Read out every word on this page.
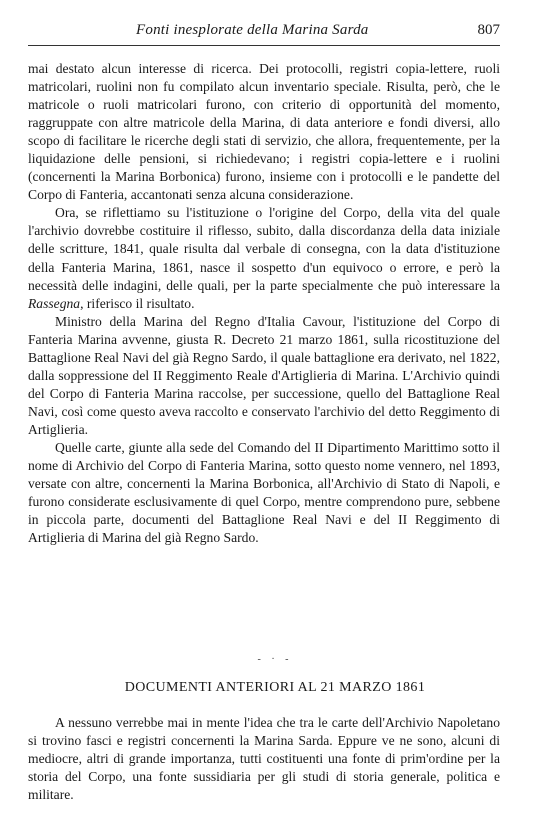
Fonti inesplorate della Marina Sarda	807

mai destato alcun interesse di ricerca. Dei protocolli, registri copia-lettere, ruoli matricolari, ruolini non fu compilato alcun inventario speciale. Risulta, però, che le matricole o ruoli matricolari furono, con criterio di opportunità del momento, raggruppate con altre matricole della Marina, di data anteriore e fondi diversi, allo scopo di facilitare le ricerche degli stati di servizio, che allora, frequentemente, per la liquidazione delle pensioni, si richiedevano; i registri copia-lettere e i ruolini (concernenti la Marina Borbonica) furono, insieme con i protocolli e le pandette del Corpo di Fanteria, accantonati senza alcuna considerazione.

Ora, se riflettiamo su l'istituzione o l'origine del Corpo, della vita del quale l'archivio dovrebbe costituire il riflesso, subito, dalla discordanza della data iniziale delle scritture, 1841, quale risulta dal verbale di consegna, con la data d'istituzione della Fanteria Marina, 1861, nasce il sospetto d'un equivoco o errore, e però la necessità delle indagini, delle quali, per la parte specialmente che può interessare la Rassegna, riferisco il risultato.

Ministro della Marina del Regno d'Italia Cavour, l'istituzione del Corpo di Fanteria Marina avvenne, giusta R. Decreto 21 marzo 1861, sulla ricostituzione del Battaglione Real Navi del già Regno Sardo, il quale battaglione era derivato, nel 1822, dalla soppressione del II Reggimento Reale d'Artiglieria di Marina. L'Archivio quindi del Corpo di Fanteria Marina raccolse, per successione, quello del Battaglione Real Navi, così come questo aveva raccolto e conservato l'archivio del detto Reggimento di Artiglieria.

Quelle carte, giunte alla sede del Comando del II Dipartimento Marittimo sotto il nome di Archivio del Corpo di Fanteria Marina, sotto questo nome vennero, nel 1893, versate con altre, concernenti la Marina Borbonica, all'Archivio di Stato di Napoli, e furono considerate esclusivamente di quel Corpo, mentre comprendono pure, sebbene in piccola parte, documenti del Battaglione Real Navi e del II Reggimento di Artiglieria di Marina del già Regno Sardo.

- · -
DOCUMENTI ANTERIORI AL 21 MARZO 1861

A nessuno verrebbe mai in mente l'idea che tra le carte dell'Archivio Napoletano si trovino fasci e registri concernenti la Marina Sarda. Eppure ve ne sono, alcuni di mediocre, altri di grande importanza, tutti costituenti una fonte di prim'ordine per la storia del Corpo, una fonte sussidiaria per gli studi di storia generale, politica e militare.
